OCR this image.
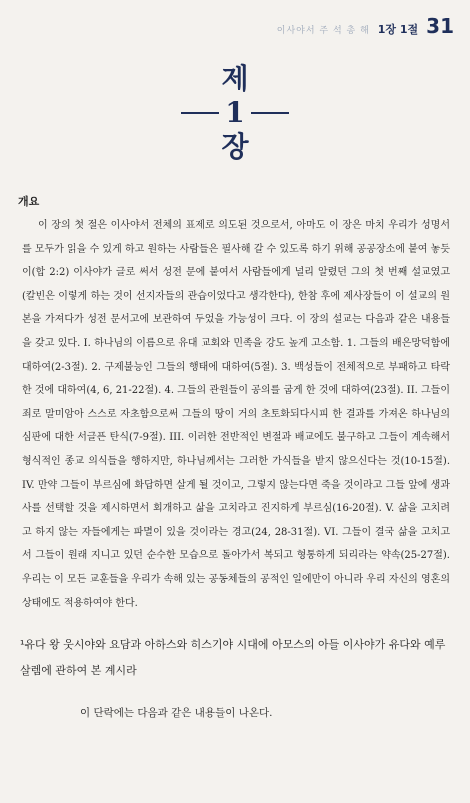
이사야서 주 석 총 해 1장 1절 31
제
1
장
개요
이 장의 첫 절은 이사야서 전체의 표제로 의도된 것으로서, 아마도 이 장은 마치 우리가 성명서를 모두가 읽을 수 있게 하고 원하는 사람들은 필사해 갈 수 있도록 하기 위해 공공장소에 붙여 놓듯이(합 2:2) 이사야가 글로 써서 성전 문에 붙여서 사람들에게 널리 알렸던 그의 첫 번째 설교였고(칼빈은 이렇게 하는 것이 선지자들의 관습이었다고 생각한다), 한참 후에 제사장들이 이 설교의 원본을 가져다가 성전 문서고에 보관하여 두었을 가능성이 크다. 이 장의 설교는 다음과 같은 내용들을 갖고 있다. I. 하나님의 이름으로 유대 교회와 민족을 강도 높게 고소함. 1. 그들의 배은망덕함에 대하여(2-3절). 2. 구제불능인 그들의 행태에 대하여(5절). 3. 백성들이 전체적으로 부패하고 타락한 것에 대하여(4, 6, 21-22절). 4. 그들의 관원들이 공의를 굽게 한 것에 대하여(23절). II. 그들이 죄로 말미암아 스스로 자초함으로써 그들의 땅이 거의 초토화되다시피 한 결과를 가져온 하나님의 심판에 대한 서글픈 탄식(7-9절). III. 이러한 전반적인 변절과 배교에도 불구하고 그들이 계속해서 형식적인 종교 의식들을 행하지만, 하나님께서는 그러한 가식들을 받지 않으신다는 것(10-15절). IV. 만약 그들이 부르심에 화답하면 살게 될 것이고, 그렇지 않는다면 죽을 것이라고 그들 앞에 생과 사를 선택할 것을 제시하면서 회개하고 삶을 고치라고 진지하게 부르심(16-20절). V. 삶을 고치려고 하지 않는 자들에게는 파멸이 있을 것이라는 경고(24, 28-31절). VI. 그들이 결국 삶을 고치고서 그들이 원래 지니고 있던 순수한 모습으로 돌아가서 복되고 형통하게 되리라는 약속(25-27절). 우리는 이 모든 교훈들을 우리가 속해 있는 공동체들의 공적인 일에만이 아니라 우리 자신의 영혼의 상태에도 적용하여야 한다.
¹유다 왕 웃시야와 요담과 아하스와 히스기야 시대에 아모스의 아들 이사야가 유다와 예루살렘에 관하여 본 계시라
이 단락에는 다음과 같은 내용들이 나온다.
